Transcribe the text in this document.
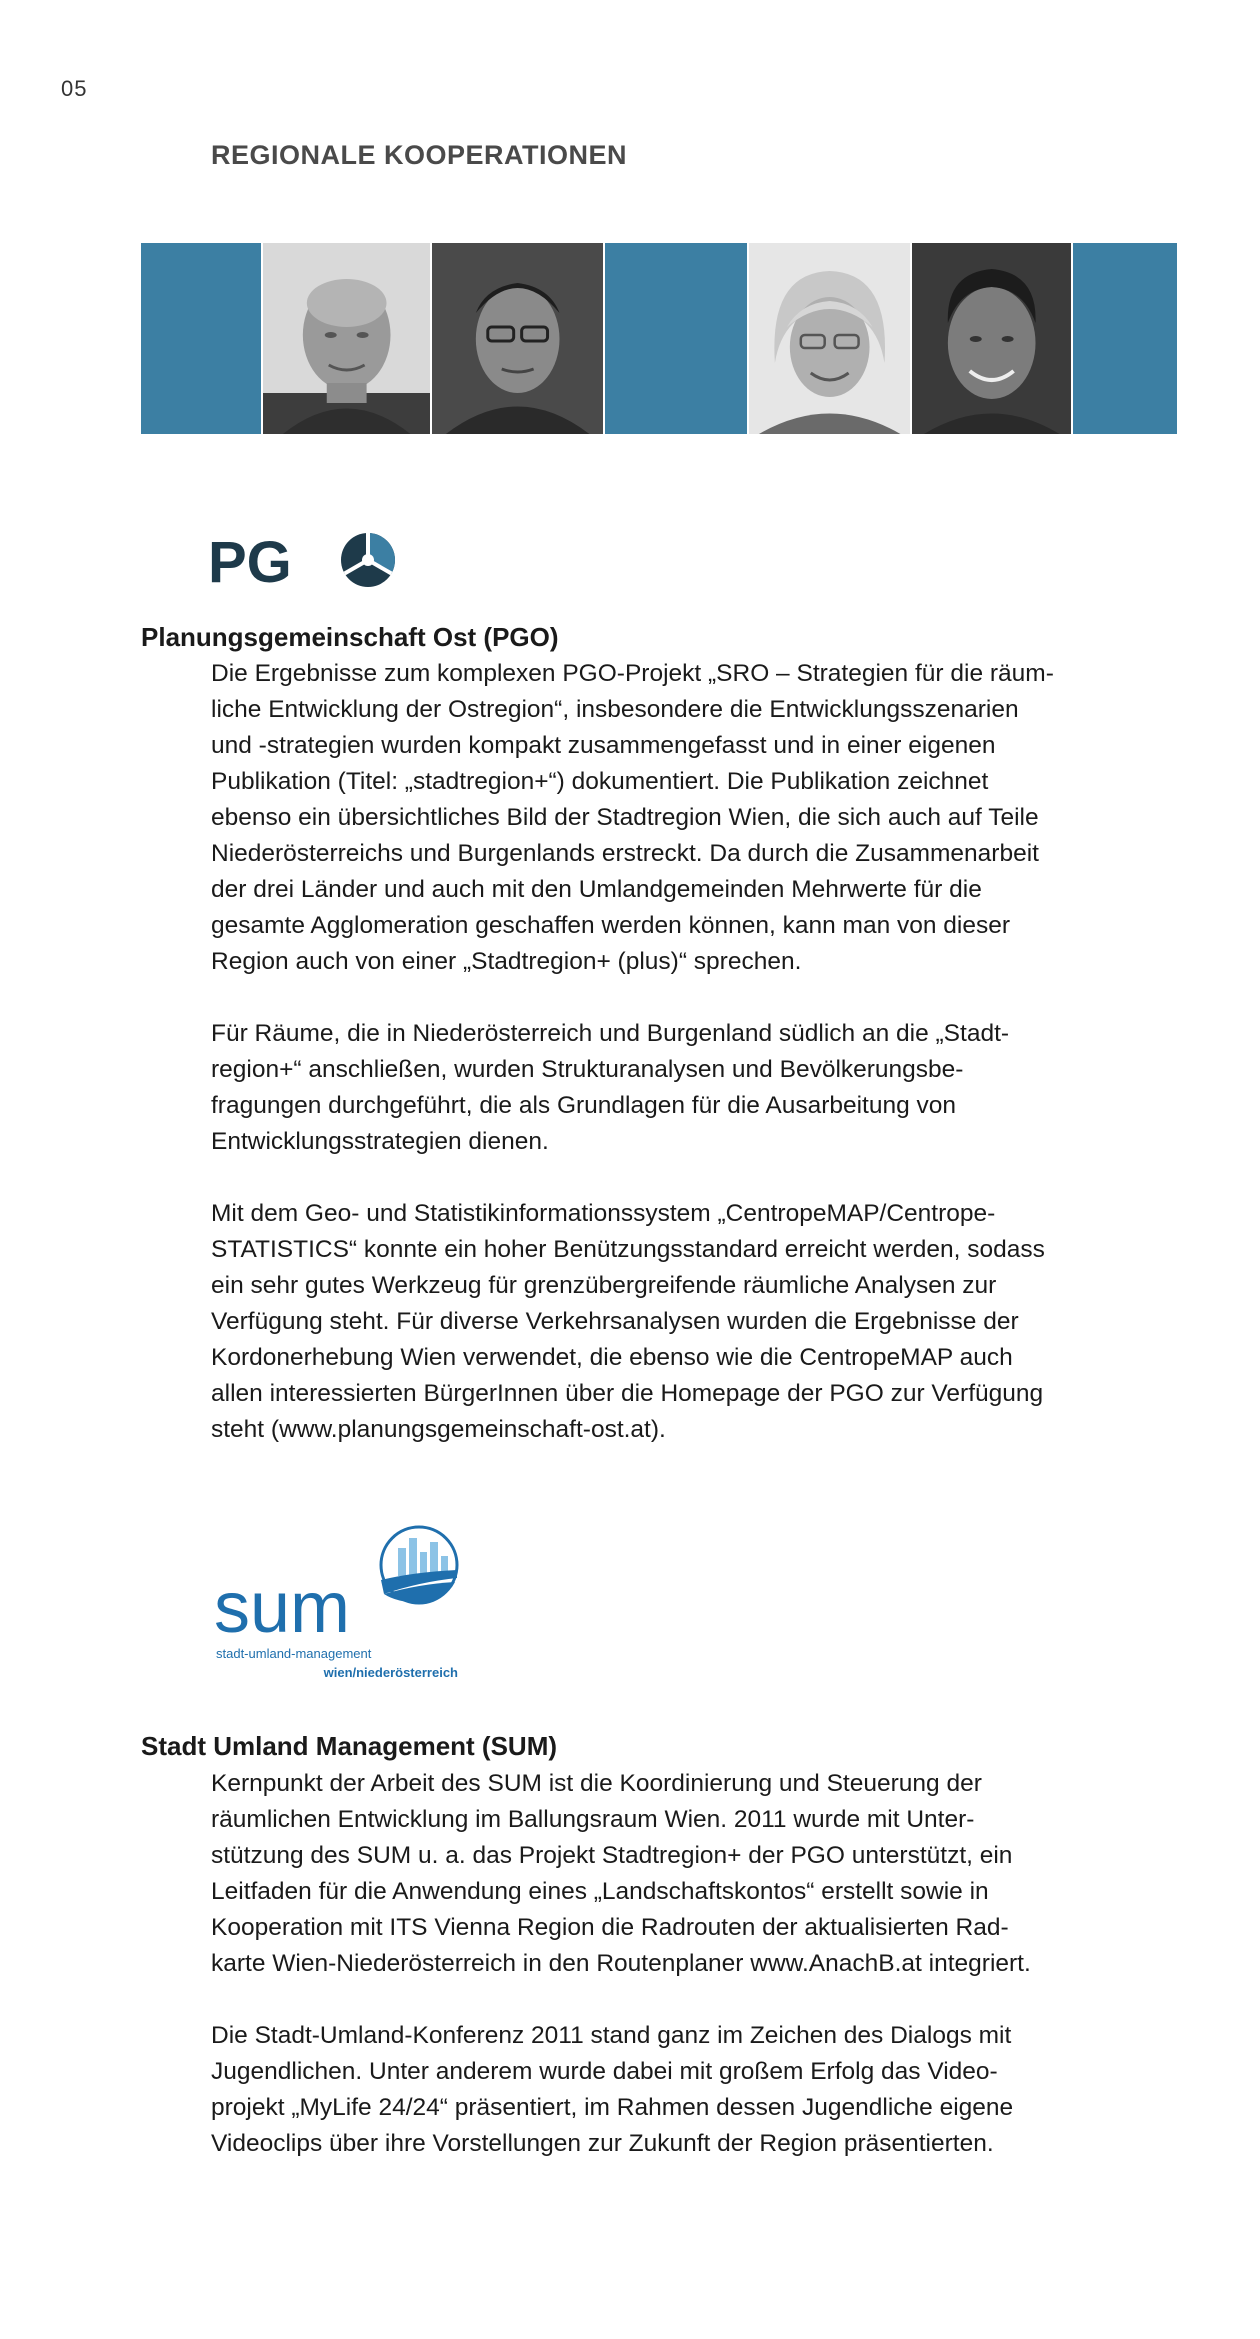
05
REGIONALE KOOPERATIONEN
PG
Planungsgemeinschaft Ost (PGO)

Die Ergebnisse zum komplexen PGO-Projekt „SRO – Strategien für die räum-
liche Entwicklung der Ostregion“, insbesondere die Entwicklungsszenarien
und -strategien wurden kompakt zusammengefasst und in einer eigenen
Publikation (Titel: „stadtregion+“) dokumentiert. Die Publikation zeichnet
ebenso ein übersichtliches Bild der Stadtregion Wien, die sich auch auf Teile
Niederösterreichs und Burgenlands erstreckt. Da durch die Zusammenarbeit
der drei Länder und auch mit den Umlandgemeinden Mehrwerte für die
gesamte Agglomeration geschaffen werden können, kann man von dieser
Region auch von einer „Stadtregion+ (plus)“ sprechen.

Für Räume, die in Niederösterreich und Burgenland südlich an die „Stadt-
region+“ anschließen, wurden Strukturanalysen und Bevölkerungsbe-
fragungen durchgeführt, die als Grundlagen für die Ausarbeitung von
Entwicklungsstrategien dienen.

Mit dem Geo- und Statistikinformationssystem „CentropeMAP/Centrope-
STATISTICS“ konnte ein hoher Benützungsstandard erreicht werden, sodass
ein sehr gutes Werkzeug für grenzübergreifende räumliche Analysen zur
Verfügung steht. Für diverse Verkehrsanalysen wurden die Ergebnisse der
Kordonerhebung Wien verwendet, die ebenso wie die CentropeMAP auch
allen interessierten BürgerInnen über die Homepage der PGO zur Verfügung
steht (www.planungsgemeinschaft-ost.at).

sum
stadt-umland-management
wien/niederösterreich
Stadt Umland Management (SUM)

Kernpunkt der Arbeit des SUM ist die Koordinierung und Steuerung der
räumlichen Entwicklung im Ballungsraum Wien. 2011 wurde mit Unter-
stützung des SUM u. a. das Projekt Stadtregion+ der PGO unterstützt, ein
Leitfaden für die Anwendung eines „Landschaftskontos“ erstellt sowie in
Kooperation mit ITS Vienna Region die Radrouten der aktualisierten Rad-
karte Wien-Niederösterreich in den Routenplaner www.AnachB.at integriert.

Die Stadt-Umland-Konferenz 2011 stand ganz im Zeichen des Dialogs mit
Jugendlichen. Unter anderem wurde dabei mit großem Erfolg das Video-
projekt „MyLife 24/24“ präsentiert, im Rahmen dessen Jugendliche eigene
Videoclips über ihre Vorstellungen zur Zukunft der Region präsentierten.
